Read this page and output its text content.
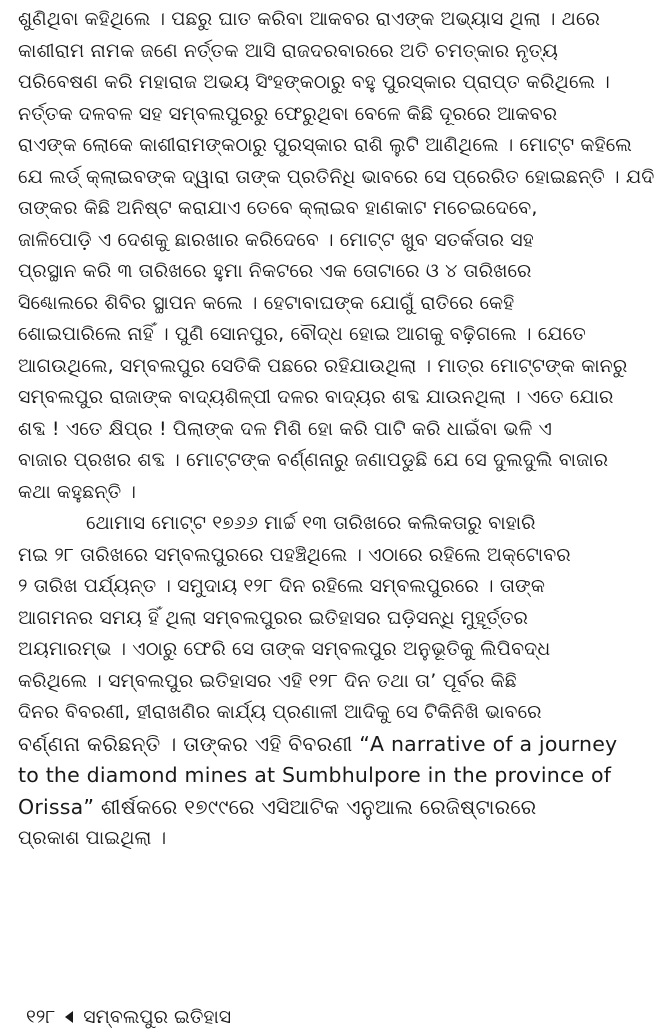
ଶୁଣିଥିବା କହିଥିଲେ । ପଛରୁ ଘାତ କରିବା ଆକବର ରାଏଙ୍କ ଅଭ୍ୟାସ ଥିଲା । ଥରେ
କାଶୀରାମ ନାମକ ଜଣେ ନର୍ତ୍ତକ ଆସି ରାଜଦରବାରରେ ଅତି ଚମତ୍କାର ନୃତ୍ୟ
ପରିବେଷଣ କରି ମହାରାଜ ଅଭୟ ସିଂହଙ୍କଠାରୁ ବହୁ ପୁରସ୍କାର ପ୍ରାପ୍ତ କରିଥିଲେ ।
ନର୍ତ୍ତକ ଦଳବଳ ସହ ସମ୍ବଲପୁରରୁ ଫେରୁଥିବା ବେଳେ କିଛି ଦୂରରେ ଆକବର
ରାଏଙ୍କ ଲୋକେ କାଶୀରାମଙ୍କଠାରୁ ପୁରସ୍କାର ରାଶି ଲୁଟି ଆଣିଥିଲେ । ମୋଟ୍ଟ କହିଲେ
ଯେ ଲର୍ଡ୍ କ୍ଲାଇବଙ୍କ ଦ୍ୱାରା ତାଙ୍କ ପ୍ରତିନିଧି ଭାବରେ ସେ ପ୍ରେରିତ ହୋଇଛନ୍ତି । ଯଦି
ତାଙ୍କର କିଛି ଅନିଷ୍ଟ କରାଯାଏ ତେବେ କ୍ଲାଇବ ହାଣକାଟ ମଚେଇଦେବେ,
ଜାଳିପୋଡ଼ି ଏ ଦେଶକୁ ଛାରଖାର କରିଦେବେ । ମୋଟ୍ଟ ଖୁବ ସତର୍କତାର ସହ
ପ୍ରସ୍ଥାନ କରି ୩ ତାରିଖରେ ହୁମା ନିକଟରେ ଏକ ତୋଟାରେ ଓ ୪ ତାରିଖରେ
ସିଣ୍ଢୋଲରେ ଶିବିର ସ୍ଥାପନ କଲେ । ହେଟାବାଘଙ୍କ ଯୋଗୁଁ ରାତିରେ କେହି
ଶୋଇପାରିଲେ ନାହିଁ । ପୁଣି ସୋନପୁର, ବୌଦ୍ଧ ହୋଇ ଆଗକୁ ବଢ଼ିଗଲେ । ଯେତେ
ଆଗଉଥିଲେ, ସମ୍ବଲପୁର ସେତିକି ପଛରେ ରହିଯାଉଥିଲା । ମାତ୍ର ମୋଟ୍ଟଙ୍କ କାନରୁ
ସମ୍ବଲପୁର ରାଜାଙ୍କ ବାଦ୍ୟଶିଳ୍ପୀ ଦଳର ବାଦ୍ୟର ଶବ୍ଦ ଯାଉନଥିଲା । ଏତେ ଯୋର
ଶବ୍ଦ ! ଏତେ କ୍ଷିପ୍ର ! ପିଲାଙ୍କ ଦଳ ମିଶି ହୋ କରି ପାଟି କରି ଧାଇଁବା ଭଳି ଏ
ବାଜାର ପ୍ରଖର ଶବ୍ଦ । ମୋଟ୍ଟଙ୍କ ବର୍ଣ୍ଣନାରୁ ଜଣାପଡୁଛି ଯେ ସେ ଦୁଲଦୁଲି ବାଜାର
କଥା କହୁଛନ୍ତି ।
ଥୋମାସ ମୋଟ୍ଟ ୧୭୬୬ ମାର୍ଚ୍ଚ ୧୩ ତାରିଖରେ କଲିକତାରୁ ବାହାରି
ମଇ ୨୮ ତାରିଖରେ ସମ୍ବଲପୁରରେ ପହଞ୍ଚିଥିଲେ । ଏଠାରେ ରହିଲେ ଅକ୍ଟୋବର
୨ ତାରିଖ ପର୍ଯ୍ୟନ୍ତ । ସମୁଦାୟ ୧୨୮ ଦିନ ରହିଲେ ସମ୍ବଲପୁରରେ । ତାଙ୍କ
ଆଗମନର ସମୟ ହିଁ ଥିଲା ସମ୍ବଲପୁରର ଇତିହାସର ଘଡ଼ିସନ୍ଧି ମୁହୂର୍ତ୍ତର
ଅୟମାରମ୍ଭ । ଏଠାରୁ ଫେରି ସେ ତାଙ୍କ ସମ୍ବଲପୁର ଅନୁଭୂତିକୁ ଲିପିବଦ୍ଧ
କରିଥିଲେ । ସମ୍ବଲପୁର ଇତିହାସର ଏହି ୧୨୮ ଦିନ ତଥା ତା’ ପୂର୍ବର କିଛି
ଦିନର ବିବରଣୀ, ହୀରାଖଣିର କାର୍ଯ୍ୟ ପ୍ରଣାଳୀ ଆଦିକୁ ସେ ଟିକିନିଖି ଭାବରେ
ବର୍ଣ୍ଣନା କରିଛନ୍ତି । ତାଙ୍କର ଏହି ବିବରଣୀ “A narrative of a journey
to the diamond mines at Sumbhulpore in the province of
Orissa” ଶୀର୍ଷକରେ ୧୭୯୯ରେ ଏସିଆଟିକ ଏନୁଆଲ ରେଜିଷ୍ଟାରରେ
ପ୍ରକାଶ ପାଇଥିଲା ।
୧୨୮ ସମ୍ବଲପୁର ଇତିହାସ
